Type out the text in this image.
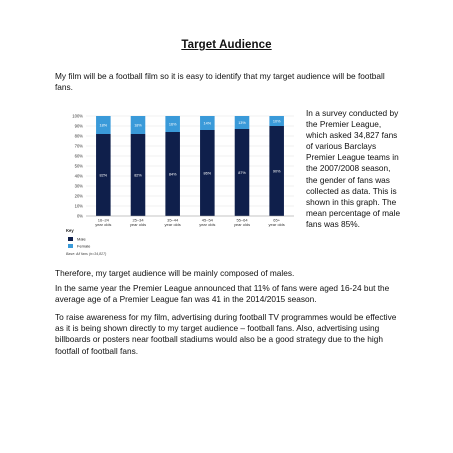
Target Audience
My film will be a football film so it is easy to identify that my target audience will be football fans.
0%
10%
20%
30%
40%
50%
60%
70%
80%
90%
100%
82%
18%
16–24
year olds
82%
18%
25–34
year olds
84%
16%
35–44
year olds
86%
14%
45–54
year olds
87%
13%
55–64
year olds
90%
10%
65+
year olds
Key
Male
Female
Base: All fans (n=34,827)
In a survey conducted by the Premier League, which asked 34,827 fans of various Barclays Premier League teams in the 2007/2008 season, the gender of fans was collected as data. This is shown in this graph. The mean percentage of male fans was 85%.
Therefore, my target audience will be mainly composed of males.
In the same year the Premier League announced that 11% of fans were aged 16-24 but the average age of a Premier League fan was 41 in the 2014/2015 season.
To raise awareness for my film, advertising during football TV programmes would be effective as it is being shown directly to my target audience – football fans. Also, advertising using billboards or posters near football stadiums would also be a good strategy due to the high footfall of football fans.
